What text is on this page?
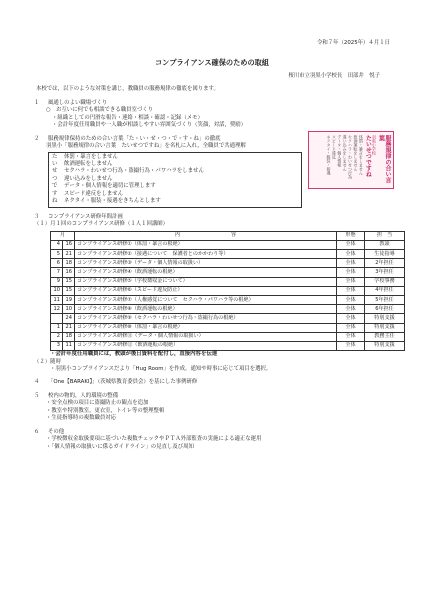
令和７年（2025年）４月１日
コンプライアンス確保のための取組
桜川市立羽黒小学校長　田部井　悦子
本校では，以下のような対策を講じ，教職員の服務規律の徹底を図ります。
１	風通しのよい職場づくり
○ お互いに何でも相談できる職員室づくり
・組織としての円滑な報告・連絡・相談・確認・記録（メモ）
・会計年度任用職員や一人職が相談しやすい雰囲気づくり（笑顔，対話，奨励）
２	服務規律保持のための合い言葉「た・い・せ・つ・で・す・ね」の徹底
羽黒小「服務規律の合い言葉　たいせつですね」を名札に入れ，全職員で共通理解
た	体罰・暴言をしません
い	飲酒運転をしません
せ	セクハラ・わいせつ行為・盗撮行為・パワハラをしません
つ	違い込みをしません
で	データ・個人情報を適切に管理します
す	スピード違反をしません
ね	ネクタイ・服装・接遇をきちんとします
服務規律の合い言葉
羽黒小学校
たいせつですね
体罰・暴言をしません
飲酒運転をしません
セクハラ・わいせつ行為
違い込みをしません
データ・個人情報
スピード違反
ネクタイ・服装・接遇
３	コンプライアンス研修年間計画
（１）月１回のコンプライアンス研修（１人１回講師）
月		内　　　　　　　　　　容	形態	担　当
4	16	コンプライアンス研修①（体罰・暴言の根絶）	全体	教頭
5	21	コンプライアンス研修②（接遇について　保護者とのかかわり等）	全体	生徒指導
6	18	コンプライアンス研修③（データ・個人情報の取扱い）	全体	2年担任
7	16	コンプライアンス研修④（飲酒運転の根絶）	全体	3年担任
9	15	コンプライアンス研修⑤（学校徴収金について）	全体	学校事務
10	15	コンプライアンス研修⑥（スピード違反防止）	全体	4年担任
11	19	コンプライアンス研修⑦（人権感覚について　セクハラ・パワハラ等の根絶）	全体	5年担任
12	10	コンプライアンス研修⑧（飲酒運転の根絶）	全体	6年担任
	24	コンプライアンス研修⑨（セクハラ・わいせつ行為・盗撮行為の根絶）	全体	特別支援
1	21	コンプライアンス研修⑩（体罰・暴言の根絶）	全体	特別支援
2	18	コンプライアンス研修⑪（データ・個人情報の取扱い）	全体	教務主任
3	11	コンプライアンス研修⑫（飲酒運転の根絶）	全体	特別支援
・会計年度任用職員には，教頭が後日資料を配付し，直接内容を伝達
（２）随時
・羽黒小コンプライアンスだより「Hug Room」を作成。通知や時事に応じて項目を選択。
４	「One【BARAKI】」（茨城県教育委員会）を基にした事例研修
５	校内の物的，人的環境の整備
・安全点検の項目に盗撮防止の観点を追加
・教室や特別教室，更衣室，トイレ等の整理整頓
・生徒指導時の複数職員対応
６	その他
・学校徴収金取扱要項に基づいた複数チェックやＰＴＡ外部監査の実施による適正な運用
・「個人情報の取扱いに係るガイドライン」の見直し及び周知
